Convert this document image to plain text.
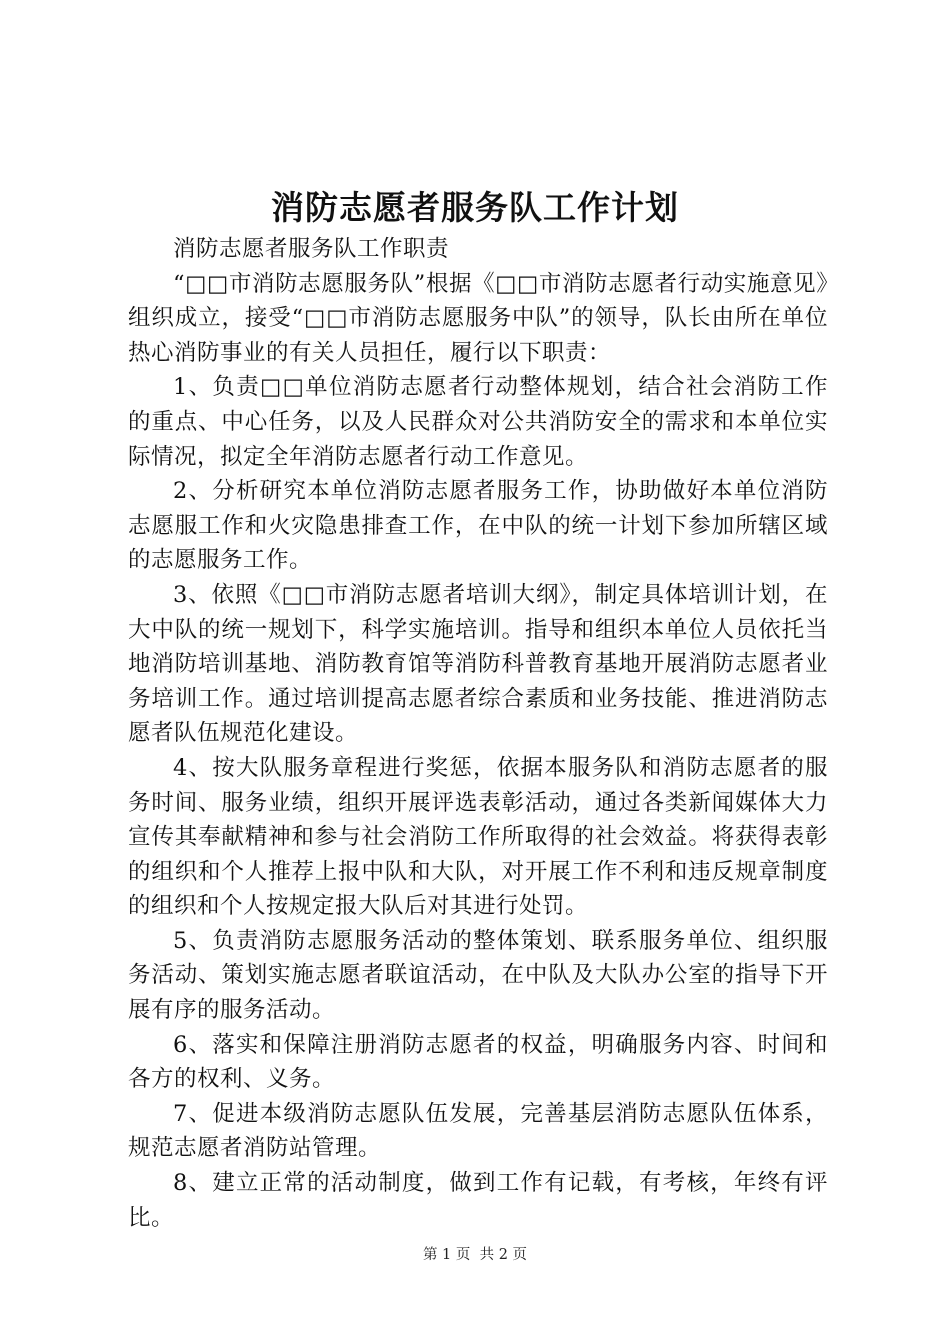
消防志愿者服务队工作计划

消防志愿者服务队工作职责

“□□市消防志愿服务队”根据《□□市消防志愿者行动实施意见》组织成立，接受“□□市消防志愿服务中队”的领导，队长由所在单位热心消防事业的有关人员担任，履行以下职责：

1、负责□□单位消防志愿者行动整体规划，结合社会消防工作的重点、中心任务，以及人民群众对公共消防安全的需求和本单位实际情况，拟定全年消防志愿者行动工作意见。

2、分析研究本单位消防志愿者服务工作，协助做好本单位消防志愿服工作和火灾隐患排查工作，在中队的统一计划下参加所辖区域的志愿服务工作。

3、依照《□□市消防志愿者培训大纲》，制定具体培训计划，在大中队的统一规划下，科学实施培训。指导和组织本单位人员依托当地消防培训基地、消防教育馆等消防科普教育基地开展消防志愿者业务培训工作。通过培训提高志愿者综合素质和业务技能、推进消防志愿者队伍规范化建设。

4、按大队服务章程进行奖惩，依据本服务队和消防志愿者的服务时间、服务业绩，组织开展评选表彰活动，通过各类新闻媒体大力宣传其奉献精神和参与社会消防工作所取得的社会效益。将获得表彰的组织和个人推荐上报中队和大队，对开展工作不利和违反规章制度的组织和个人按规定报大队后对其进行处罚。

5、负责消防志愿服务活动的整体策划、联系服务单位、组织服务活动、策划实施志愿者联谊活动，在中队及大队办公室的指导下开展有序的服务活动。

6、落实和保障注册消防志愿者的权益，明确服务内容、时间和各方的权利、义务。

7、促进本级消防志愿队伍发展，完善基层消防志愿队伍体系，规范志愿者消防站管理。

8、建立正常的活动制度，做到工作有记载，有考核，年终有评比。

第 1 页  共 2 页
